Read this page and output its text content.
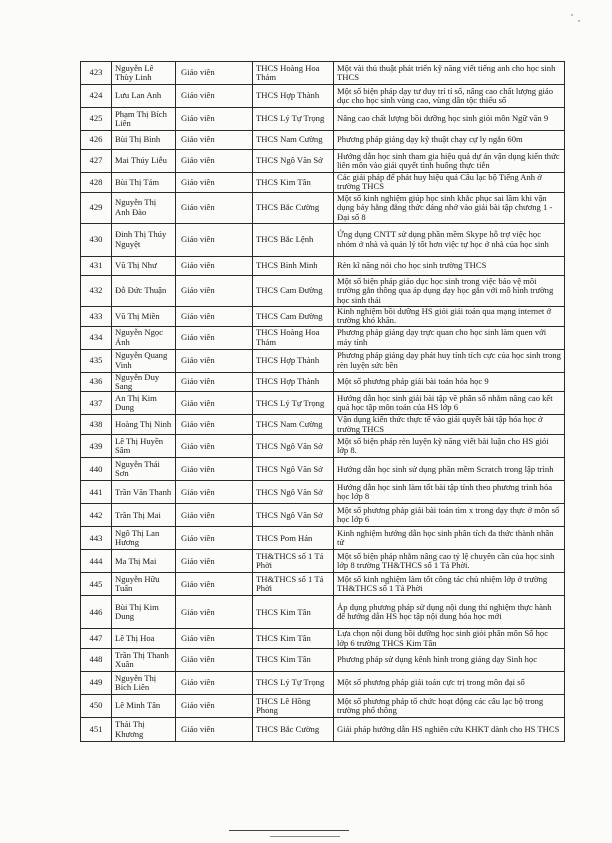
423	Nguyễn Lê Thùy Linh	Giáo viên	THCS Hoàng Hoa Thám	Một vài thủ thuật phát triển kỹ năng viết tiếng anh cho học sinh THCS
424	Lưu Lan Anh	Giáo viên	THCS Hợp Thành	Một số biện pháp dạy tư duy trí tỉ số, nâng cao chất lượng giáo dục cho học sinh vùng cao, vùng dân tộc thiểu số
425	Phạm Thị Bích Liên	Giáo viên	THCS Lý Tự Trọng	Nâng cao chất lượng bồi dưỡng học sinh giỏi môn Ngữ văn 9
426	Bùi Thị Bình	Giáo viên	THCS Nam Cường	Phương pháp giảng dạy kỹ thuật chạy cự ly ngắn 60m
427	Mai Thúy Liễu	Giáo viên	THCS Ngô Văn Sở	Hướng dẫn học sinh tham gia hiệu quả dự án vận dụng kiến thức liên môn vào giải quyết tình huống thực tiễn
428	Bùi Thị Tám	Giáo viên	THCS Kim Tân	Các giải pháp để phát huy hiệu quả Câu lạc bộ Tiếng Anh ở trường THCS
429	Nguyễn Thị Anh Đào	Giáo viên	THCS Bắc Cường	Một số kinh nghiệm giúp học sinh khắc phục sai lầm khi vận dụng bảy hằng đẳng thức đáng nhớ vào giải bài tập chương 1 - Đại số 8
430	Đinh Thị Thúy Nguyệt	Giáo viên	THCS Bắc Lệnh	Ứng dụng CNTT sử dụng phần mềm Skype hỗ trợ việc học nhóm ở nhà và quản lý tốt hơn việc tự học ở nhà của học sinh
431	Vũ Thị Như	Giáo viên	THCS Bình Minh	Rèn kĩ năng nói cho học sinh trường THCS
432	Đỗ Đức Thuận	Giáo viên	THCS Cam Đường	Một số biện pháp giáo dục học sinh trong việc bảo vệ môi trường gắn thông qua áp dụng dạy học gắn với mô hình trường học sinh thái
433	Vũ Thị Miền	Giáo viên	THCS Cam Đường	Kinh nghiệm bồi dưỡng HS giỏi giải toán qua mạng internet ở trường khó khăn.
434	Nguyễn Ngọc Ánh	Giáo viên	THCS Hoàng Hoa Thám	Phương pháp giảng dạy trực quan cho học sinh làm quen với máy tính
435	Nguyễn Quang Vinh	Giáo viên	THCS Hợp Thành	Phương pháp giảng dạy phát huy tính tích cực của học sinh trong rèn luyện sức bền
436	Nguyễn Duy Sang	Giáo viên	THCS Hợp Thành	Một số phương pháp giải bài toán hóa học 9
437	An Thị Kim Dung	Giáo viên	THCS Lý Tự Trọng	Hướng dẫn học sinh giải bài tập về phân số nhằm nâng cao kết quả học tập môn toán của HS lớp 6
438	Hoàng Thị Ninh	Giáo viên	THCS Nam Cường	Vận dụng kiến thức thực tế vào giải quyết bài tập hóa học ở trường THCS
439	Lê Thị Huyền Sâm	Giáo viên	THCS Ngô Văn Sở	Một số biện pháp rèn luyện kỹ năng viết bài luận cho HS giỏi lớp 8.
440	Nguyễn Thái Sơn	Giáo viên	THCS Ngô Văn Sở	Hướng dẫn học sinh sử dụng phần mềm Scratch trong lập trình
441	Trần Văn Thanh	Giáo viên	THCS Ngô Văn Sở	Hướng dẫn học sinh làm tốt bài tập tính theo phương trình hóa học lớp 8
442	Trần Thị Mai	Giáo viên	THCS Ngô Văn Sở	Một số phương pháp giải bài toán tìm x trong dạy thực ở môn số học lớp 6
443	Ngô Thị Lan Hương	Giáo viên	THCS Pom Hán	Kinh nghiệm hướng dẫn học sinh phân tích đa thức thành nhân tử
444	Ma Thị Mai	Giáo viên	TH&THCS số 1 Tả Phời	Một số biện pháp nhằm nâng cao tỷ lệ chuyên cần của học sinh lớp 8 trường TH&THCS số 1 Tả Phời.
445	Nguyễn Hữu Tuấn	Giáo viên	TH&THCS số 1 Tả Phời	Một số kinh nghiệm làm tốt công tác chủ nhiệm lớp ở trường TH&THCS số 1 Tả Phời
446	Bùi Thị Kim Dung	Giáo viên	THCS Kim Tân	Áp dụng phương pháp sử dụng nội dung thí nghiệm thực hành để hướng dẫn HS học tập nội dung hóa học mới
447	Lê Thị Hoa	Giáo viên	THCS Kim Tân	Lựa chọn nội dung bồi dưỡng học sinh giỏi phân môn Số học lớp 6 trường THCS Kim Tân
448	Trần Thị Thanh Xuân	Giáo viên	THCS Kim Tân	Phương pháp sử dụng kênh hình trong giảng dạy Sinh học
449	Nguyễn Thị Bích Liên	Giáo viên	THCS Lý Tự Trọng	Một số phương pháp giải toán cực trị trong môn đại số
450	Lê Minh Tân	Giáo viên	THCS Lê Hồng Phong	Một số phương pháp tổ chức hoạt động các câu lạc bộ trong trường phổ thông
451	Thái Thị Khương	Giáo viên	THCS Bắc Cường	Giải pháp hướng dẫn HS nghiên cứu KHKT dành cho HS THCS
